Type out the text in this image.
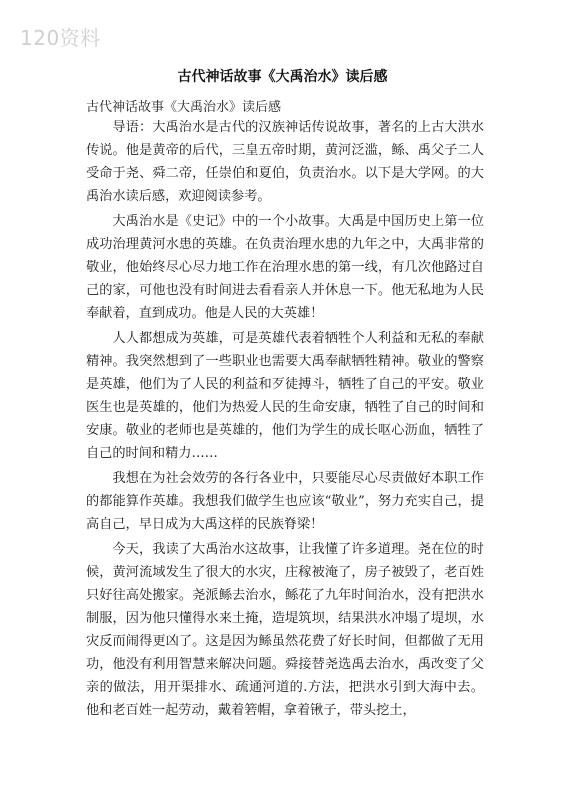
120资料
古代神话故事《大禹治水》读后感
古代神话故事《大禹治水》读后感

导语：大禹治水是古代的汉族神话传说故事，著名的上古大洪水传说。他是黄帝的后代，三皇五帝时期，黄河泛滥，鲧、禹父子二人受命于尧、舜二帝，任崇伯和夏伯，负责治水。以下是大学网。的大禹治水读后感，欢迎阅读参考。

大禹治水是《史记》中的一个小故事。大禹是中国历史上第一位成功治理黄河水患的英雄。在负责治理水患的九年之中，大禹非常的敬业，他始终尽心尽力地工作在治理水患的第一线，有几次他路过自己的家，可他也没有时间进去看看亲人并休息一下。他无私地为人民奉献着，直到成功。他是人民的大英雄！

人人都想成为英雄，可是英雄代表着牺牲个人利益和无私的奉献精神。我突然想到了一些职业也需要大禹奉献牺牲精神。敬业的警察是英雄，他们为了人民的利益和歹徒搏斗，牺牲了自己的平安。敬业医生也是英雄的，他们为热爱人民的生命安康，牺牲了自己的时间和安康。敬业的老师也是英雄的，他们为学生的成长呕心沥血，牺牲了自己的时间和精力……

我想在为社会效劳的各行各业中，只要能尽心尽责做好本职工作的都能算作英雄。我想我们做学生也应该“敬业”，努力充实自己，提高自己，早日成为大禹这样的民族脊梁！

今天，我读了大禹治水这故事，让我懂了许多道理。尧在位的时候，黄河流域发生了很大的水灾，庄稼被淹了，房子被毁了，老百姓只好往高处搬家。尧派鲧去治水，鲧花了九年时间治水，没有把洪水制服，因为他只懂得水来土掩，造堤筑坝，结果洪水冲塌了堤坝，水灾反而闹得更凶了。这是因为鲧虽然花费了好长时间，但都做了无用功，他没有利用智慧来解决问题。舜接替尧选禹去治水，禹改变了父亲的做法，用开渠排水、疏通河道的.方法，把洪水引到大海中去。他和老百姓一起劳动，戴着箬帽，拿着锹子，带头挖土，
